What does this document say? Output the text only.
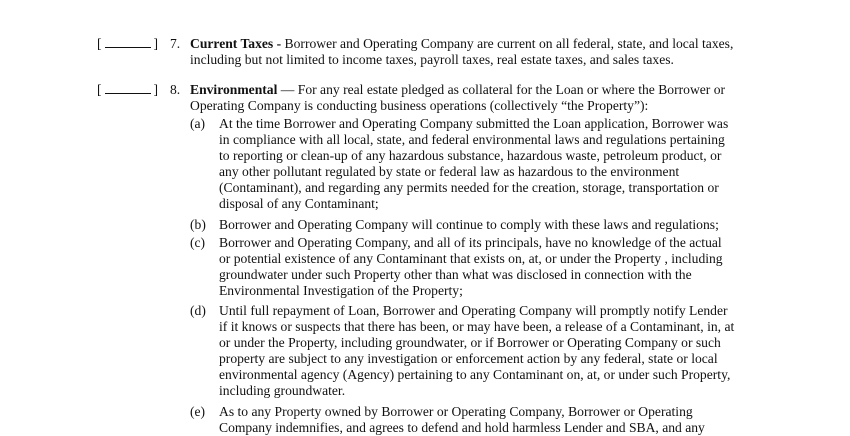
[	] 7. Current Taxes - Borrower and Operating Company are current on all federal, state, and local taxes,
including but not limited to income taxes, payroll taxes, real estate taxes, and sales taxes.
[	] 8. Environmental — For any real estate pledged as collateral for the Loan or where the Borrower or
Operating Company is conducting business operations (collectively “the Property”):
(a) At the time Borrower and Operating Company submitted the Loan application, Borrower was
in compliance with all local, state, and federal environmental laws and regulations pertaining
to reporting or clean-up of any hazardous substance, hazardous waste, petroleum product, or
any other pollutant regulated by state or federal law as hazardous to the environment
(Contaminant), and regarding any permits needed for the creation, storage, transportation or
disposal of any Contaminant;
(b) Borrower and Operating Company will continue to comply with these laws and regulations;
(c) Borrower and Operating Company, and all of its principals, have no knowledge of the actual
or potential existence of any Contaminant that exists on, at, or under the Property , including
groundwater under such Property other than what was disclosed in connection with the
Environmental Investigation of the Property;
(d) Until full repayment of Loan, Borrower and Operating Company will promptly notify Lender
if it knows or suspects that there has been, or may have been, a release of a Contaminant, in, at
or under the Property, including groundwater, or if Borrower or Operating Company or such
property are subject to any investigation or enforcement action by any federal, state or local
environmental agency (Agency) pertaining to any Contaminant on, at, or under such Property,
including groundwater.
(e) As to any Property owned by Borrower or Operating Company, Borrower or Operating
Company indemnifies, and agrees to defend and hold harmless Lender and SBA, and any
